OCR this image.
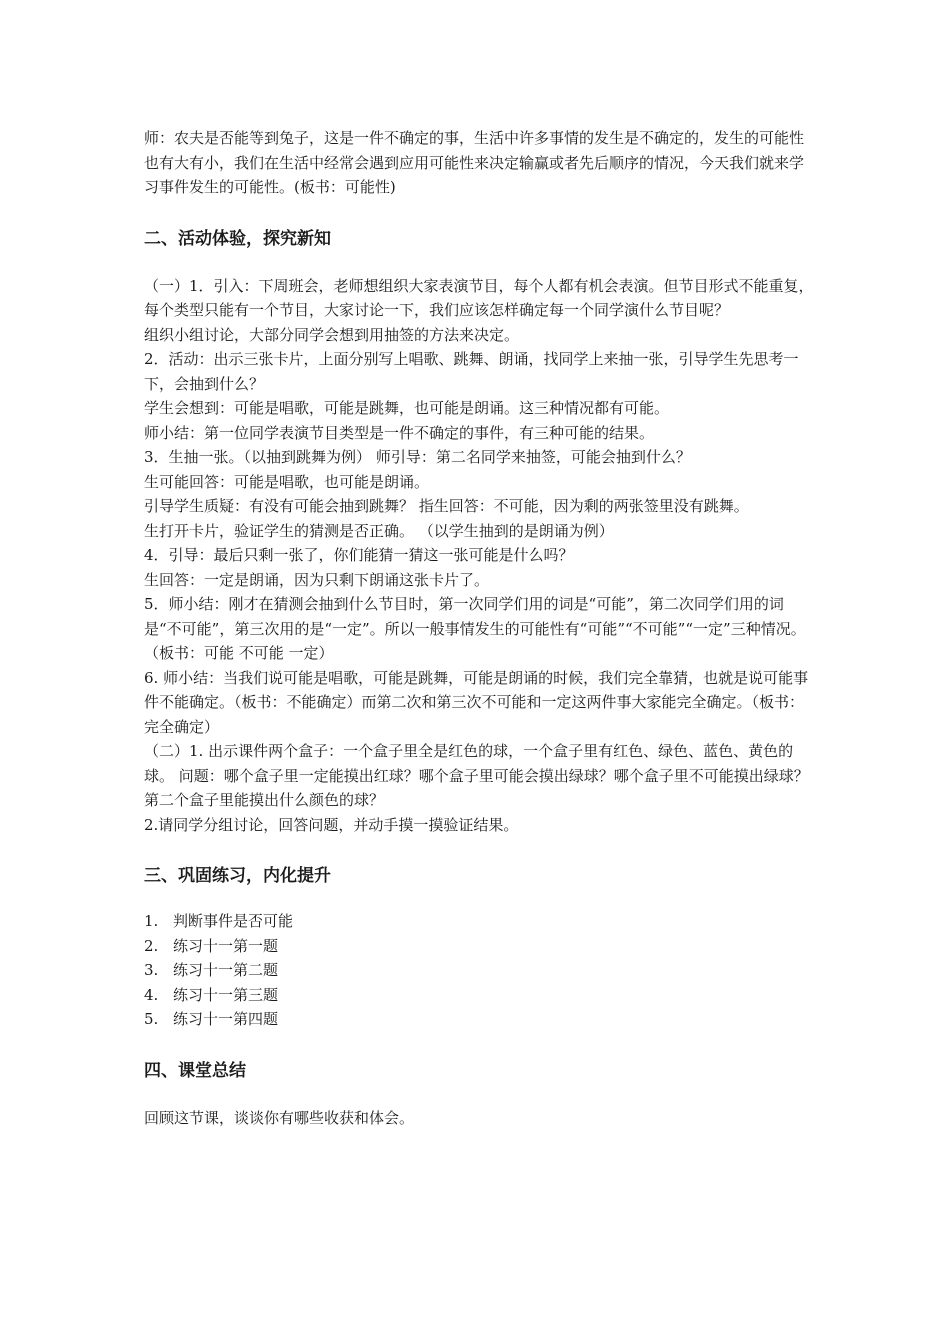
师：农夫是否能等到兔子，这是一件不确定的事，生活中许多事情的发生是不确定的，发生的可能性也有大有小，我们在生活中经常会遇到应用可能性来决定输赢或者先后顺序的情况，今天我们就来学习事件发生的可能性。(板书：可能性)

二、活动体验，探究新知

（一）1．引入：下周班会，老师想组织大家表演节目，每个人都有机会表演。但节目形式不能重复，每个类型只能有一个节目，大家讨论一下，我们应该怎样确定每一个同学演什么节目呢？

组织小组讨论，大部分同学会想到用抽签的方法来决定。

2．活动：出示三张卡片，上面分别写上唱歌、跳舞、朗诵，找同学上来抽一张，引导学生先思考一下，会抽到什么？

学生会想到：可能是唱歌，可能是跳舞，也可能是朗诵。这三种情况都有可能。

师小结：第一位同学表演节目类型是一件不确定的事件，有三种可能的结果。

3．生抽一张。（以抽到跳舞为例） 师引导：第二名同学来抽签，可能会抽到什么？

生可能回答：可能是唱歌，也可能是朗诵。

引导学生质疑：有没有可能会抽到跳舞？ 指生回答：不可能，因为剩的两张签里没有跳舞。

生打开卡片，验证学生的猜测是否正确。 （以学生抽到的是朗诵为例）

4．引导：最后只剩一张了，你们能猜一猜这一张可能是什么吗？

生回答：一定是朗诵，因为只剩下朗诵这张卡片了。

5．师小结：刚才在猜测会抽到什么节目时，第一次同学们用的词是“可能”，第二次同学们用的词是“不可能”，第三次用的是“一定”。所以一般事情发生的可能性有“可能”“不可能”“一定”三种情况。（板书：可能 不可能 一定）

6. 师小结：当我们说可能是唱歌，可能是跳舞，可能是朗诵的时候，我们完全靠猜，也就是说可能事件不能确定。（板书：不能确定）而第二次和第三次不可能和一定这两件事大家能完全确定。（板书：完全确定）

（二）1. 出示课件两个盒子：一个盒子里全是红色的球，一个盒子里有红色、绿色、蓝色、黄色的球。 问题：哪个盒子里一定能摸出红球？哪个盒子里可能会摸出绿球？哪个盒子里不可能摸出绿球？第二个盒子里能摸出什么颜色的球？

2.请同学分组讨论，回答问题，并动手摸一摸验证结果。

三、巩固练习，内化提升
1. 判断事件是否可能
2. 练习十一第一题
3. 练习十一第二题
4. 练习十一第三题
5. 练习十一第四题
四、课堂总结

回顾这节课，谈谈你有哪些收获和体会。
